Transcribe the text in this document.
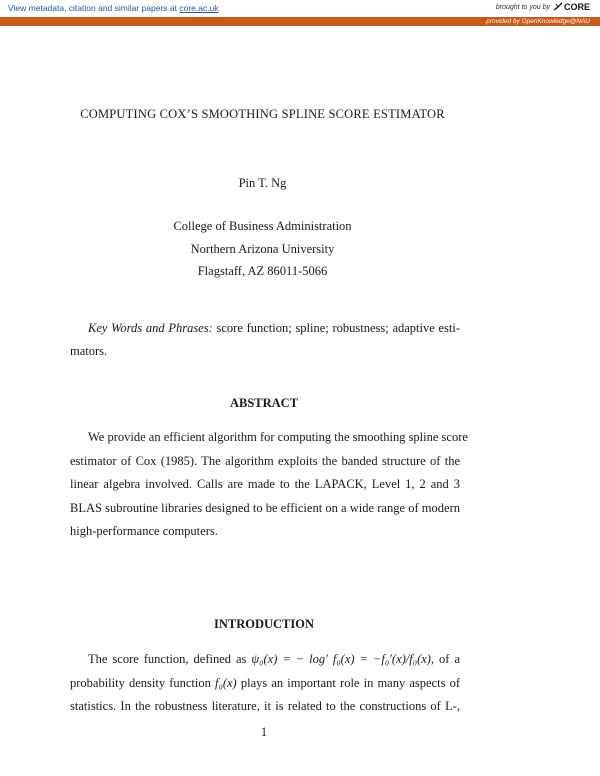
View metadata, citation and similar papers at core.ac.uk	brought to you by CORE
provided by OpenKnowledge@NAU
COMPUTING COX’S SMOOTHING SPLINE SCORE ESTIMATOR
Pin T. Ng
College of Business Administration
Northern Arizona University
Flagstaff, AZ 86011-5066
Key Words and Phrases: score function; spline; robustness; adaptive esti-
mators.
ABSTRACT
We provide an efficient algorithm for computing the smoothing spline score
estimator of Cox (1985). The algorithm exploits the banded structure of the
linear algebra involved. Calls are made to the LAPACK, Level 1, 2 and 3
BLAS subroutine libraries designed to be efficient on a wide range of modern
high-performance computers.
INTRODUCTION
The score function, defined as ψ₀(x) = − log′ f₀(x) = −f₀′(x)/f₀(x), of a
probability density function f₀(x) plays an important role in many aspects of
statistics. In the robustness literature, it is related to the constructions of L-,
1
